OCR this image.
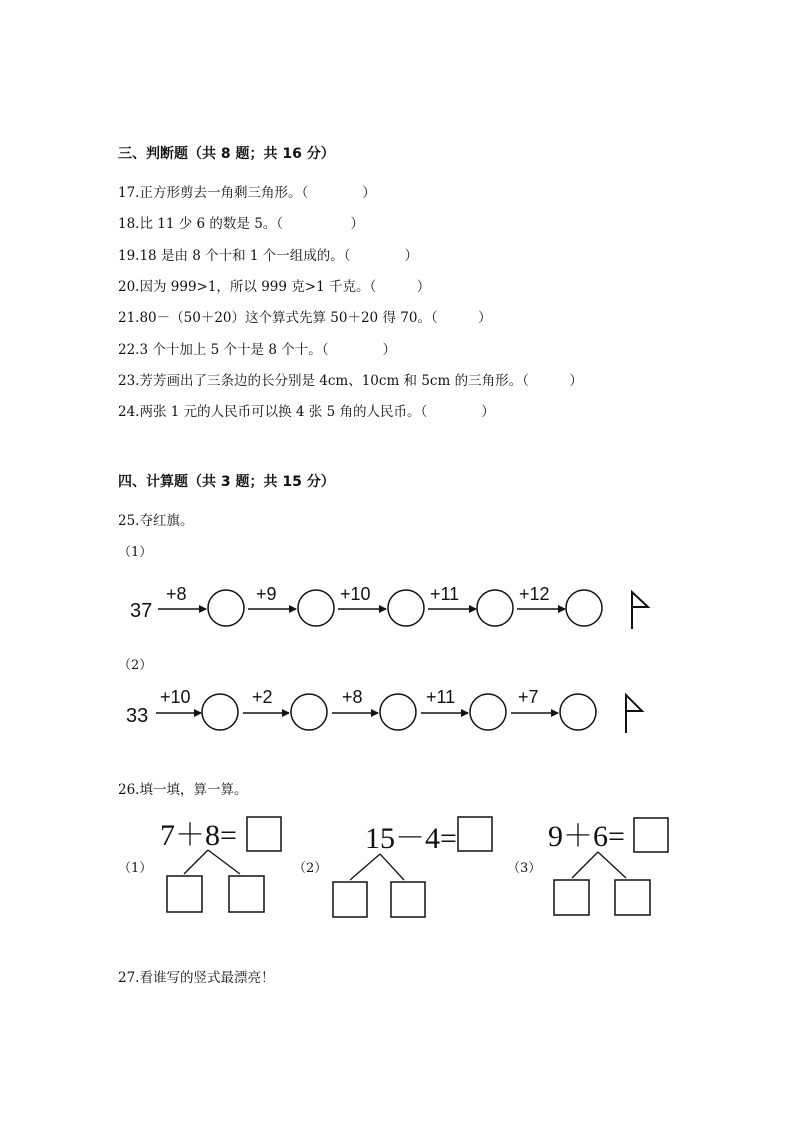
三、判断题（共 8 题；共 16 分）
17.正方形剪去一角剩三角形。（　　　　）
18.比 11 少 6 的数是 5。（　　　　　）
19.18 是由 8 个十和 1 个一组成的。（　　　　）
20.因为 999>1，所以 999 克>1 千克。（　　　）
21.80－（50＋20）这个算式先算 50＋20 得 70。（　　　）
22.3 个十加上 5 个十是 8 个十。（　　　　）
23.芳芳画出了三条边的长分别是 4cm、10cm 和 5cm 的三角形。（　　　）
24.两张 1 元的人民币可以换 4 张 5 角的人民币。（　　　　）
四、计算题（共 3 题；共 15 分）
25.夺红旗。
（1）
37
+8	+9	+10	+11	+12
（2）
33
+10	+2	+8	+11	+7
26.填一填，算一算。
（1）	（2）	（3）
7＋8=	15－4=	9＋6=
27.看谁写的竖式最漂亮！
